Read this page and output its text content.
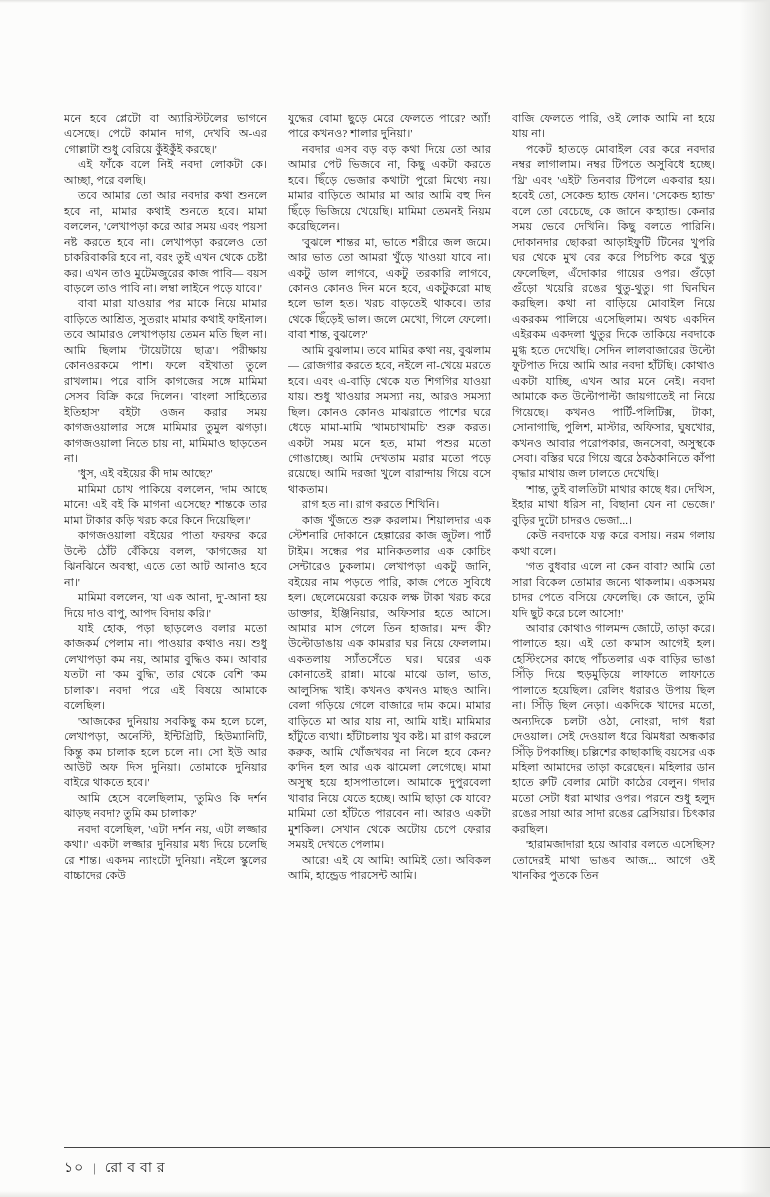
মনে হবে প্লেটো বা অ্যারিস্টটলের ভাগনে এসেছে। পেটে কামান দাগ, দেখবি অ-এর গোল্লাটা শুধু বেরিয়ে কুঁইকুঁই করছে।'

এই ফাঁকে বলে নিই নবদা লোকটা কে। আচ্ছা, পরে বলছি।

তবে আমার তো আর নবদার কথা শুনলে হবে না, মামার কথাই শুনতে হবে। মামা বললেন, 'লেখাপড়া করে আর সময় এবং পয়সা নষ্ট করতে হবে না। লেখাপড়া করলেও তো চাকরিবাকরি হবে না, বরং তুই এখন থেকে চেষ্টা কর। এখন তাও মুটেমজুরের কাজ পাবি— বয়স বাড়লে তাও পাবি না। লম্বা লাইনে পড়ে যাবে।'

বাবা মারা যাওয়ার পর মাকে নিয়ে মামার বাড়িতে আশ্রিত, সুতরাং মামার কথাই ফাইনাল। তবে আমারও লেখাপড়ায় তেমন মতি ছিল না। আমি ছিলাম 'টায়েটায়ে ছাত্র'। পরীক্ষায় কোনওরকমে পাশ। ফলে বইখাতা তুলে রাখলাম। পরে বাসি কাগজের সঙ্গে মামিমা সেসব বিক্রি করে দিলেন। 'বাংলা সাহিত্যের ইতিহাস' বইটা ওজন করার সময় কাগজওয়ালার সঙ্গে মামিমার তুমুল ঝগড়া। কাগজওয়ালা নিতে চায় না, মামিমাও ছাড়তেন না।

'ধুস, এই বইয়ের কী দাম আছে?'

মামিমা চোখ পাকিয়ে বললেন, 'দাম আছে মানে! এই বই কি মাগনা এসেছে? শান্তকে তার মামা টাকার কড়ি খরচ করে কিনে দিয়েছিল।'

কাগজওয়ালা বইয়ের পাতা ফরফর করে উল্টে ঠোঁট বেঁকিয়ে বলল, 'কাগজের যা ঝিনঝিনে অবস্থা, এতে তো আট আনাও হবে না।'

মামিমা বললেন, 'যা এক আনা, দু'-আনা হয় দিয়ে দাও বাপু, আপদ বিদায় করি।'

যাই হোক, পড়া ছাড়লেও বলার মতো কাজকর্ম পেলাম না। পাওয়ার কথাও নয়। শুধু লেখাপড়া কম নয়, আমার বুদ্ধিও কম। আবার যতটা না 'কম বুদ্ধি', তার থেকে বেশি 'কম চালাক'। নবদা পরে এই বিষয়ে আমাকে বলেছিল।

'আজকের দুনিয়ায় সবকিছু কম হলে চলে, লেখাপড়া, অনেস্টি, ইন্টিগ্রিটি, হিউম্যানিটি, কিন্তু কম চালাক হলে চলে না। সো ইউ আর আউট অফ দিস দুনিয়া। তোমাকে দুনিয়ার বাইরে থাকতে হবে।'

আমি হেসে বলেছিলাম, 'তুমিও কি দর্শন ঝাড়ছ নবদা? তুমি কম চালাক?'

নবদা বলেছিল, 'এটা দর্শন নয়, এটা লজ্জার কথা।' একটা লজ্জার দুনিয়ার মধ্য দিয়ে চলেছি রে শান্ত। একদম ন্যাংটো দুনিয়া। নইলে স্কুলের বাচ্চাদের কেউ

যুদ্ধের বোমা ছুড়ে মেরে ফেলতে পারে? অ্যাঁ! পারে কখনও? শালার দুনিয়া।'

নবদার এসব বড় বড় কথা দিয়ে তো আর আমার পেট ভিজবে না, কিছু একটা করতে হবে। ছিঁড়ে ভেজার কথাটা পুরো মিথ্যে নয়। মামার বাড়িতে আমার মা আর আমি বহু দিন ছিঁড়ে ভিজিয়ে খেয়েছি। মামিমা তেমনই নিয়ম করেছিলেন।

'বুঝলে শান্তর মা, ভাতে শরীরে জল জমে। আর ভাত তো আমরা খুঁড়ে খাওয়া যাবে না। একটু ডাল লাগবে, একটু তরকারি লাগবে, কোনও কোনও দিন মনে হবে, একটুকরো মাছ হলে ভাল হত। খরচ বাড়তেই থাকবে। তার থেকে ছিঁড়েই ভাল। জলে মেখো, গিলে ফেলো। বাবা শান্ত, বুঝলে?'

আমি বুঝলাম। তবে মামির কথা নয়, বুঝলাম— রোজগার করতে হবে, নইলে না-খেয়ে মরতে হবে। এবং এ-বাড়ি থেকে যত শিগগির যাওয়া যায়। শুধু খাওয়ার সমস্যা নয়, আরও সমস্যা ছিল। কোনও কোনও মাঝরাতে পাশের ঘরে ধেড়ে মামা-মামি 'খামচাখামচি' শুরু করত। একটা সময় মনে হত, মামা পশুর মতো গোঙাচ্ছে। আমি দেখতাম মরার মতো পড়ে রয়েছে। আমি দরজা খুলে বারান্দায় গিয়ে বসে থাকতাম।

রাগ হত না। রাগ করতে শিখিনি।

কাজ খুঁজতে শুরু করলাম। শিয়ালদার এক স্টেশনারি দোকানে হেল্পারের কাজ জুটল। পার্ট টাইম। সন্ধের পর মানিকতলার এক কোচিং সেন্টারেও ঢুকলাম। লেখাপড়া একটু জানি, বইয়ের নাম পড়তে পারি, কাজ পেতে সুবিধে হল। ছেলেমেয়েরা কয়েক লক্ষ টাকা খরচ করে ডাক্তার, ইঞ্জিনিয়ার, অফিসার হতে আসে। আমার মাস গেলে তিন হাজার। মন্দ কী? উল্টোডাঙায় এক কামরার ঘর নিয়ে ফেললাম। একতলায় স্যাঁতসেঁতে ঘর। ঘরের এক কোনাতেই রান্না। মাঝে মাঝে ডাল, ভাত, আলুসিদ্ধ খাই। কখনও কখনও মাছও আনি। বেলা গড়িয়ে গেলে বাজারে দাম কমে। মামার বাড়িতে মা আর যায় না, আমি যাই। মামিমার হাঁটুতে ব্যথা। হাঁটাচলায় খুব কষ্ট। মা রাগ করলে করুক, আমি খোঁজখবর না নিলে হবে কেন? ক'দিন হল আর এক ঝামেলা লেগেছে। মামা অসুস্থ হয়ে হাসপাতালে। আমাকে দুপুরবেলা খাবার নিয়ে যেতে হচ্ছে। আমি ছাড়া কে যাবে? মামিমা তো হাঁটতে পারবেন না। আরও একটা মুশকিল। সেখান থেকে অটোয় চেপে ফেরার সময়ই দেখতে পেলাম।

আরে! এই যে আমি! আমিই তো। অবিকল আমি, হান্ড্রেড পারসেন্ট আমি।

বাজি ফেলতে পারি, ওই লোক আমি না হয়ে যায় না।

পকেট হাতড়ে মোবাইল বের করে নবদার নম্বর লাগালাম। নম্বর টিপতে অসুবিধে হচ্ছে। 'থ্রি' এবং 'এইট' তিনবার টিপলে একবার হয়। হবেই তো, সেকেন্ড হ্যান্ড ফোন। 'সেকেন্ড হ্যান্ড' বলে তো বেচেছে, কে জানে ক'হ্যান্ড। কেনার সময় ভেবে দেখিনি। কিছু বলতে পারিনি। দোকানদার ছোকরা আড়াইফুটি টিনের খুপরি ঘর থেকে মুখ বের করে পিচপিচ করে থুতু ফেলেছিল, এঁদোকার গায়ের ওপর। গুঁড়ো গুঁড়ো খয়েরি রঙের থুতু-থুতু। গা ঘিনঘিন করছিল। কথা না বাড়িয়ে মোবাইল নিয়ে একরকম পালিয়ে এসেছিলাম। অথচ একদিন এইরকম একদলা থুতুর দিকে তাকিয়ে নবদাকে মুগ্ধ হতে দেখেছি। সেদিন লালবাজারের উল্টো ফুটপাত দিয়ে আমি আর নবদা হাঁটছি। কোথাও একটা যাচ্ছি, এখন আর মনে নেই। নবদা আমাকে কত উল্টোপাল্টা জায়গাতেই না নিয়ে গিয়েছে। কখনও পার্টি-পলিটিক্স, টাকা, সোনাগাছি, পুলিশ, মাস্টার, অফিসার, ঘুষখোর, কখনও আবার পরোপকার, জনসেবা, অসুস্থকে সেবা। বস্তির ঘরে গিয়ে জ্বরে ঠকঠকানিতে কাঁপা বৃদ্ধার মাথায় জল ঢালতে দেখেছি।

'শান্ত, তুই বালতিটা মাথার কাছে ধর। দেখিস, ইহার মাথা ধরিস না, বিছানা যেন না ভেজে।' বুড়ির দুটো চাদরও ভেজা...।

কেউ নবদাকে যত্ন করে বসায়। নরম গলায় কথা বলে।

'গত বুধবার এলে না কেন বাবা? আমি তো সারা বিকেল তোমার জন্যে থাকলাম। একসময় চাদর পেতে বসিয়ে ফেলেছি। কে জানে, তুমি যদি ছুট করে চলে আসো!'

আবার কোথাও গালমন্দ জোটে, তাড়া করে। পালাতে হয়। এই তো ক'মাস আগেই হল। হেস্টিংসের কাছে পাঁচতলার এক বাড়ির ভাঙা সিঁড়ি দিয়ে হুড়মুড়িয়ে লাফাতে লাফাতে পালাতে হয়েছিল। রেলিং ধরারও উপায় ছিল না। সিঁড়ি ছিল নেড়া। একদিকে খাদের মতো, অন্যদিকে চলটা ওঠা, নোংরা, দাগ ধরা দেওয়াল। সেই দেওয়াল ধরে ঝিমধরা অন্ধকার সিঁড়ি টপকাচ্ছি। চল্লিশের কাছাকাছি বয়সের এক মহিলা আমাদের তাড়া করেছেন। মহিলার ডান হাতে রুটি বেলার মোটা কাঠের বেলুন। গদার মতো সেটা ধরা মাথার ওপর। পরনে শুধু হলুদ রঙের সায়া আর সাদা রঙের ব্রেসিয়ার। চিৎকার করছিল।

'হারামজাদারা হয়ে আবার বলতে এসেছিস? তোদেরই মাথা ভাঙব আজ... আগে ওই খানকির পুতকে তিন

১০ | রোববার
